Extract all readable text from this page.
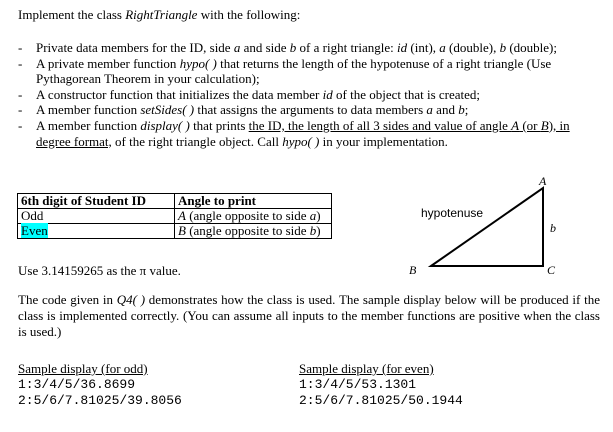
Implement the class RightTriangle with the following:
- Private data members for the ID, side a and side b of a right triangle: id (int), a (double), b (double);
- A private member function hypo( ) that returns the length of the hypotenuse of a right triangle (Use Pythagorean Theorem in your calculation);
- A constructor function that initializes the data member id of the object that is created;
- A member function setSides( ) that assigns the arguments to data members a and b;
- A member function display( ) that prints the ID, the length of all 3 sides and value of angle A (or B), in degree format, of the right triangle object. Call hypo( ) in your implementation.
6th digit of Student ID	Angle to print
Odd	A (angle opposite to side a)
Even	B (angle opposite to side b)
hypotenuse
A
B	C
b
Use 3.14159265 as the π value.
The code given in Q4( ) demonstrates how the class is used. The sample display below will be produced if the class is implemented correctly. (You can assume all inputs to the member functions are positive when the class is used.)
Sample display (for odd)
1:3/4/5/36.8699
2:5/6/7.81025/39.8056
Sample display (for even)
1:3/4/5/53.1301
2:5/6/7.81025/50.1944
